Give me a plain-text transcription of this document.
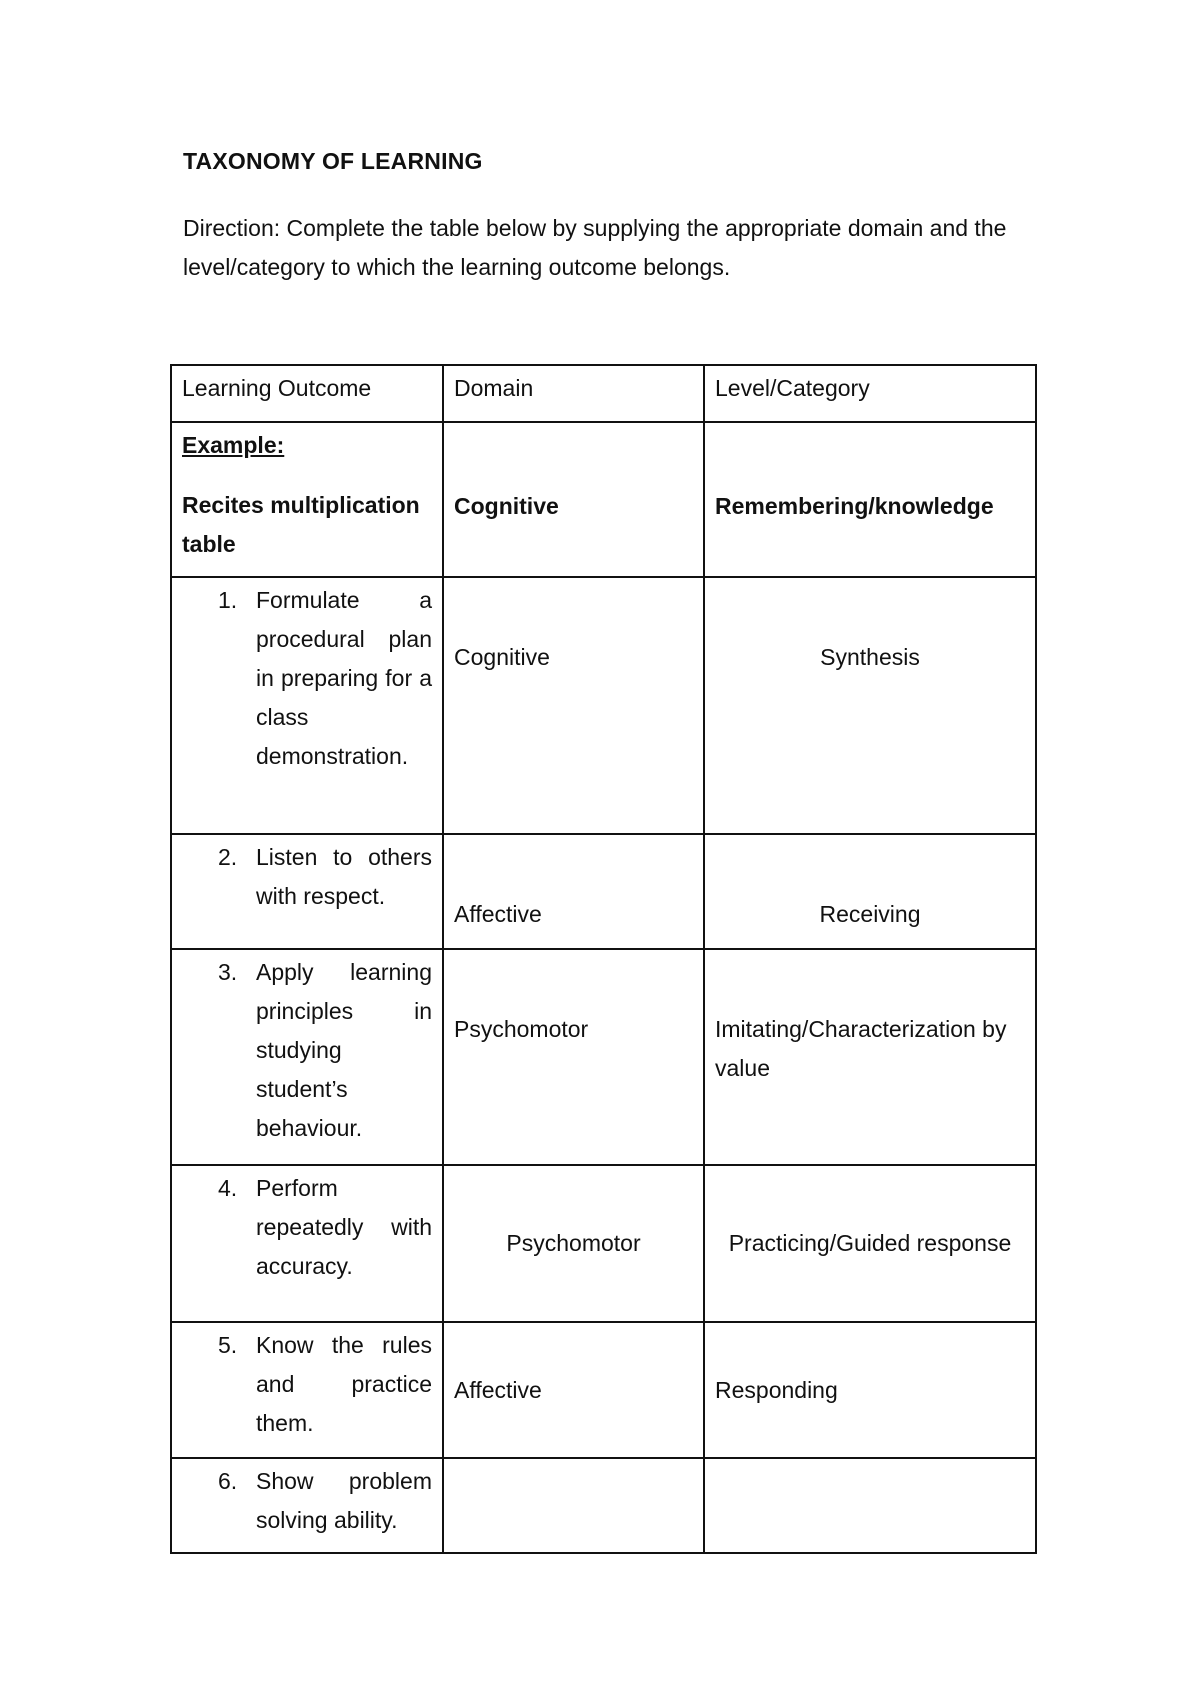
TAXONOMY OF LEARNING
Direction: Complete the table below by supplying the appropriate domain and the level/category to which the learning outcome belongs.
Learning Outcome	Domain	Level/Category

Example:
Recites multiplication table	Cognitive	Remembering/knowledge

1. Formulate a procedural plan in preparing for a class demonstration.	Cognitive	Synthesis

2. Listen to others with respect.	Affective	Receiving

3. Apply learning principles in studying student’s behaviour.	Psychomotor	Imitating/Characterization by value

4. Perform repeatedly with accuracy.	Psychomotor	Practicing/Guided response

5. Know the rules and practice them.	Affective	Responding

6. Show problem solving ability.		
